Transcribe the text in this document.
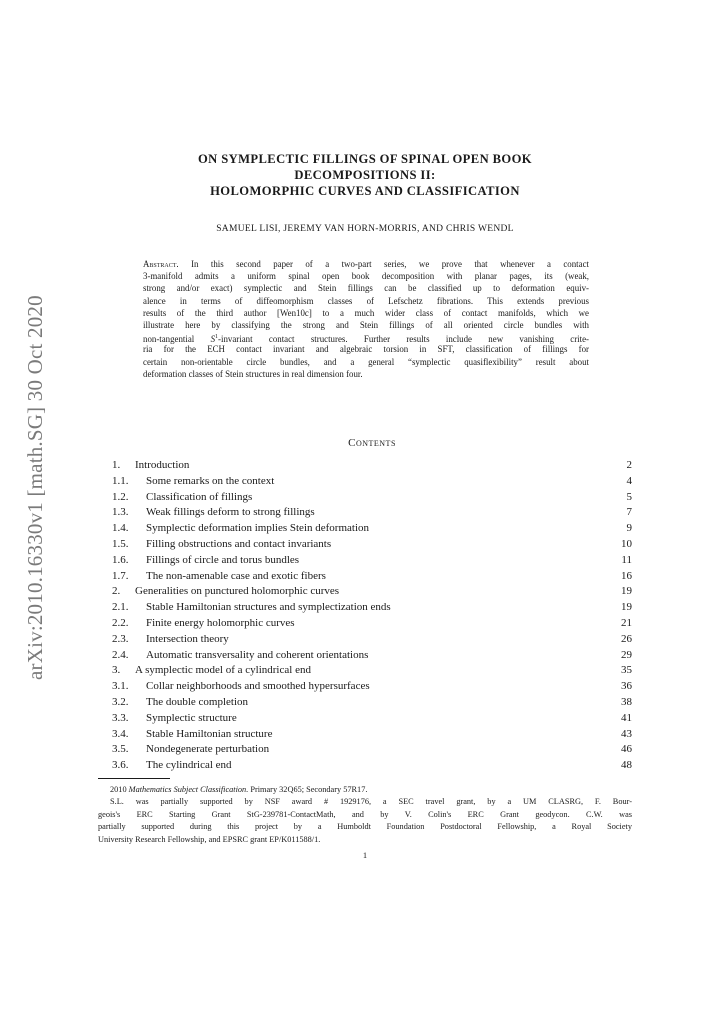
arXiv:2010.16330v1 [math.SG] 30 Oct 2020
ON SYMPLECTIC FILLINGS OF SPINAL OPEN BOOK
DECOMPOSITIONS II:
HOLOMORPHIC CURVES AND CLASSIFICATION
SAMUEL LISI, JEREMY VAN HORN-MORRIS, AND CHRIS WENDL
Abstract. In this second paper of a two-part series, we prove that whenever a contact
3-manifold admits a uniform spinal open book decomposition with planar pages, its (weak,
strong and/or exact) symplectic and Stein fillings can be classified up to deformation equiv-
alence in terms of diffeomorphism classes of Lefschetz fibrations. This extends previous
results of the third author [Wen10c] to a much wider class of contact manifolds, which we
illustrate here by classifying the strong and Stein fillings of all oriented circle bundles with
non-tangential $S^1$-invariant contact structures. Further results include new vanishing crite-
ria for the ECH contact invariant and algebraic torsion in SFT, classification of fillings for
certain non-orientable circle bundles, and a general “symplectic quasiflexibility” result about
deformation classes of Stein structures in real dimension four.
Contents
1. Introduction	2
1.1. Some remarks on the context	4
1.2. Classification of fillings	5
1.3. Weak fillings deform to strong fillings	7
1.4. Symplectic deformation implies Stein deformation	9
1.5. Filling obstructions and contact invariants	10
1.6. Fillings of circle and torus bundles	11
1.7. The non-amenable case and exotic fibers	16
2. Generalities on punctured holomorphic curves	19
2.1. Stable Hamiltonian structures and symplectization ends	19
2.2. Finite energy holomorphic curves	21
2.3. Intersection theory	26
2.4. Automatic transversality and coherent orientations	29
3. A symplectic model of a cylindrical end	35
3.1. Collar neighborhoods and smoothed hypersurfaces	36
3.2. The double completion	38
3.3. Symplectic structure	41
3.4. Stable Hamiltonian structure	43
3.5. Nondegenerate perturbation	46
3.6. The cylindrical end	48
2010 Mathematics Subject Classification. Primary 32Q65; Secondary 57R17.
S.L. was partially supported by NSF award # 1929176, a SEC travel grant, by a UM CLASRG, F. Bour-
geois's ERC Starting Grant StG-239781-ContactMath, and by V. Colin's ERC Grant geodycon. C.W. was
partially supported during this project by a Humboldt Foundation Postdoctoral Fellowship, a Royal Society
University Research Fellowship, and EPSRC grant EP/K011588/1.
1
